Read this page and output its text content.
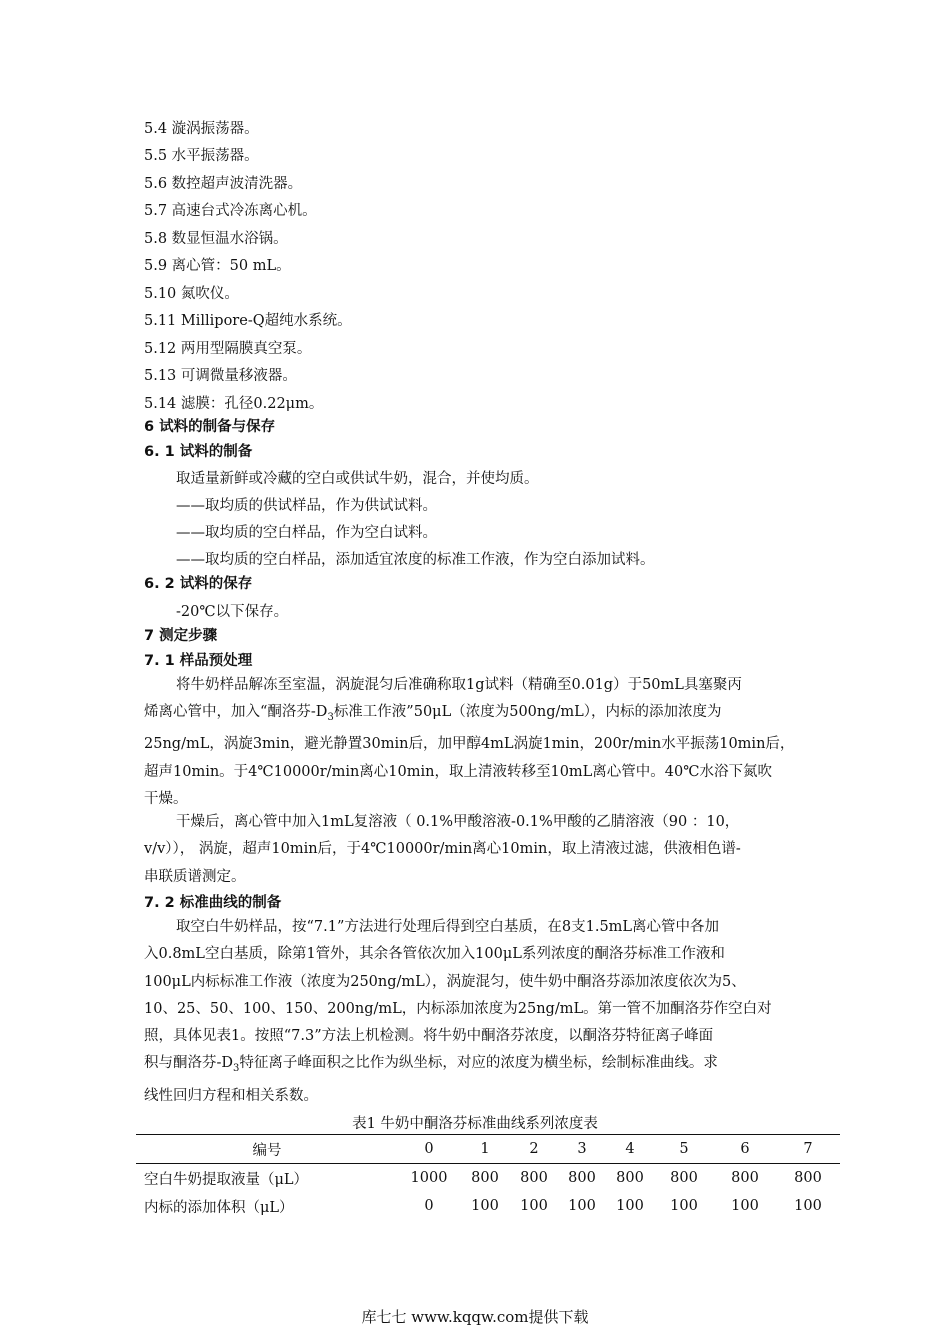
5.4 漩涡振荡器。
5.5 水平振荡器。
5.6 数控超声波清洗器。
5.7 高速台式冷冻离心机。
5.8 数显恒温水浴锅。
5.9 离心管：50 mL。
5.10 氮吹仪。
5.11 Millipore-Q超纯水系统。
5.12 两用型隔膜真空泵。
5.13 可调微量移液器。
5.14 滤膜：孔径0.22μm。
6 试料的制备与保存
6. 1 试料的制备
取适量新鲜或冷藏的空白或供试牛奶，混合，并使均质。
——取均质的供试样品，作为供试试料。
——取均质的空白样品，作为空白试料。
——取均质的空白样品，添加适宜浓度的标准工作液，作为空白添加试料。
6. 2 试料的保存
-20℃以下保存。
7 测定步骤
7. 1 样品预处理
将牛奶样品解冻至室温，涡旋混匀后准确称取1g试料（精确至0.01g）于50mL具塞聚丙
烯离心管中，加入“酮洛芬$-D_3$标准工作液”50μL（浓度为500ng/mL），内标的添加浓度为
25ng/mL，涡旋3min，避光静置30min后，加甲醇4mL涡旋1min，200r/min水平振荡10min后，
超声10min。于4℃10000r/min离心10min，取上清液转移至10mL离心管中。40℃水浴下氮吹
干燥。
干燥后，离心管中加入1mL复溶液（ 0.1%甲酸溶液-0.1%甲酸的乙腈溶液（90 ：10，
v/v））， 涡旋，超声10min后，于4℃10000r/min离心10min，取上清液过滤，供液相色谱-
串联质谱测定。
7. 2 标准曲线的制备
取空白牛奶样品，按“7.1”方法进行处理后得到空白基质，在8支1.5mL离心管中各加
入0.8mL空白基质，除第1管外，其余各管依次加入100μL系列浓度的酮洛芬标准工作液和
100μL内标标准工作液（浓度为250ng/mL），涡旋混匀，使牛奶中酮洛芬添加浓度依次为5、
10、25、50、100、150、200ng/mL，内标添加浓度为25ng/mL。第一管不加酮洛芬作空白对
照，具体见表1。按照“7.3”方法上机检测。将牛奶中酮洛芬浓度，以酮洛芬特征离子峰面
积与酮洛芬$-D_3$特征离子峰面积之比作为纵坐标，对应的浓度为横坐标，绘制标准曲线。求
线性回归方程和相关系数。
表1 牛奶中酮洛芬标准曲线系列浓度表
编号	0	1	2	3	4	5	6	7
空白牛奶提取液量（μL）	1000	800	800	800	800	800	800	800
内标的添加体积（μL）	0	100	100	100	100	100	100	100
库七七 www.kqqw.com提供下载
